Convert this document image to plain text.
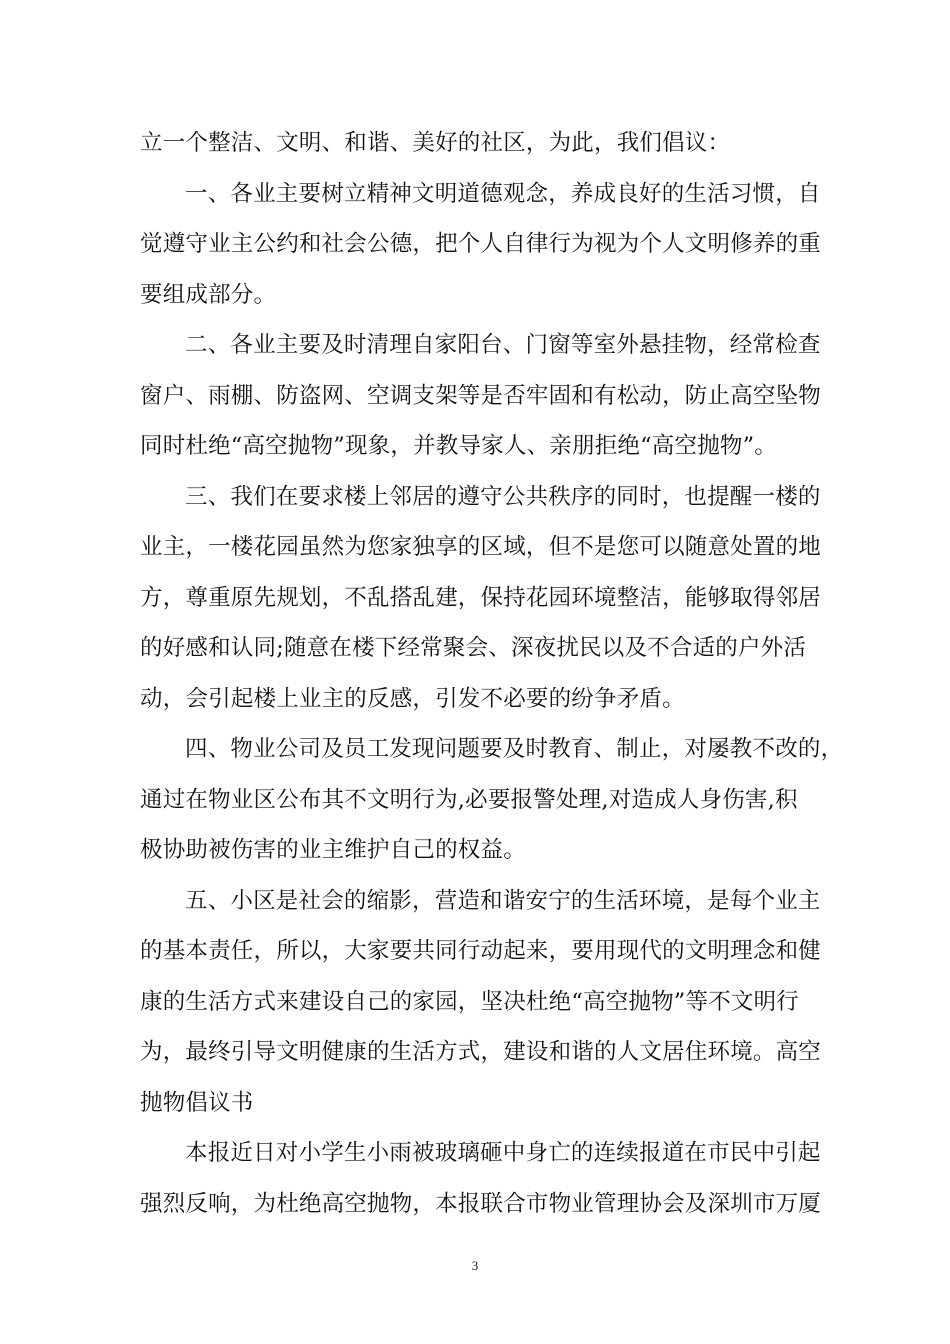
立一个整洁、文明、和谐、美好的社区，为此，我们倡议：
一、各业主要树立精神文明道德观念，养成良好的生活习惯，自
觉遵守业主公约和社会公德，把个人自律行为视为个人文明修养的重
要组成部分。
二、各业主要及时清理自家阳台、门窗等室外悬挂物，经常检查
窗户、雨棚、防盗网、空调支架等是否牢固和有松动，防止高空坠物
同时杜绝“高空抛物”现象，并教导家人、亲朋拒绝“高空抛物”。
三、我们在要求楼上邻居的遵守公共秩序的同时，也提醒一楼的
业主，一楼花园虽然为您家独享的区域，但不是您可以随意处置的地
方，尊重原先规划，不乱搭乱建，保持花园环境整洁，能够取得邻居
的好感和认同;随意在楼下经常聚会、深夜扰民以及不合适的户外活
动，会引起楼上业主的反感，引发不必要的纷争矛盾。
四、物业公司及员工发现问题要及时教育、制止，对屡教不改的，
通过在物业区公布其不文明行为,必要报警处理,对造成人身伤害,积
极协助被伤害的业主维护自己的权益。
五、小区是社会的缩影，营造和谐安宁的生活环境，是每个业主
的基本责任，所以，大家要共同行动起来，要用现代的文明理念和健
康的生活方式来建设自己的家园，坚决杜绝“高空抛物”等不文明行
为，最终引导文明健康的生活方式，建设和谐的人文居住环境。高空
抛物倡议书
本报近日对小学生小雨被玻璃砸中身亡的连续报道在市民中引起
强烈反响，为杜绝高空抛物，本报联合市物业管理协会及深圳市万厦
3
